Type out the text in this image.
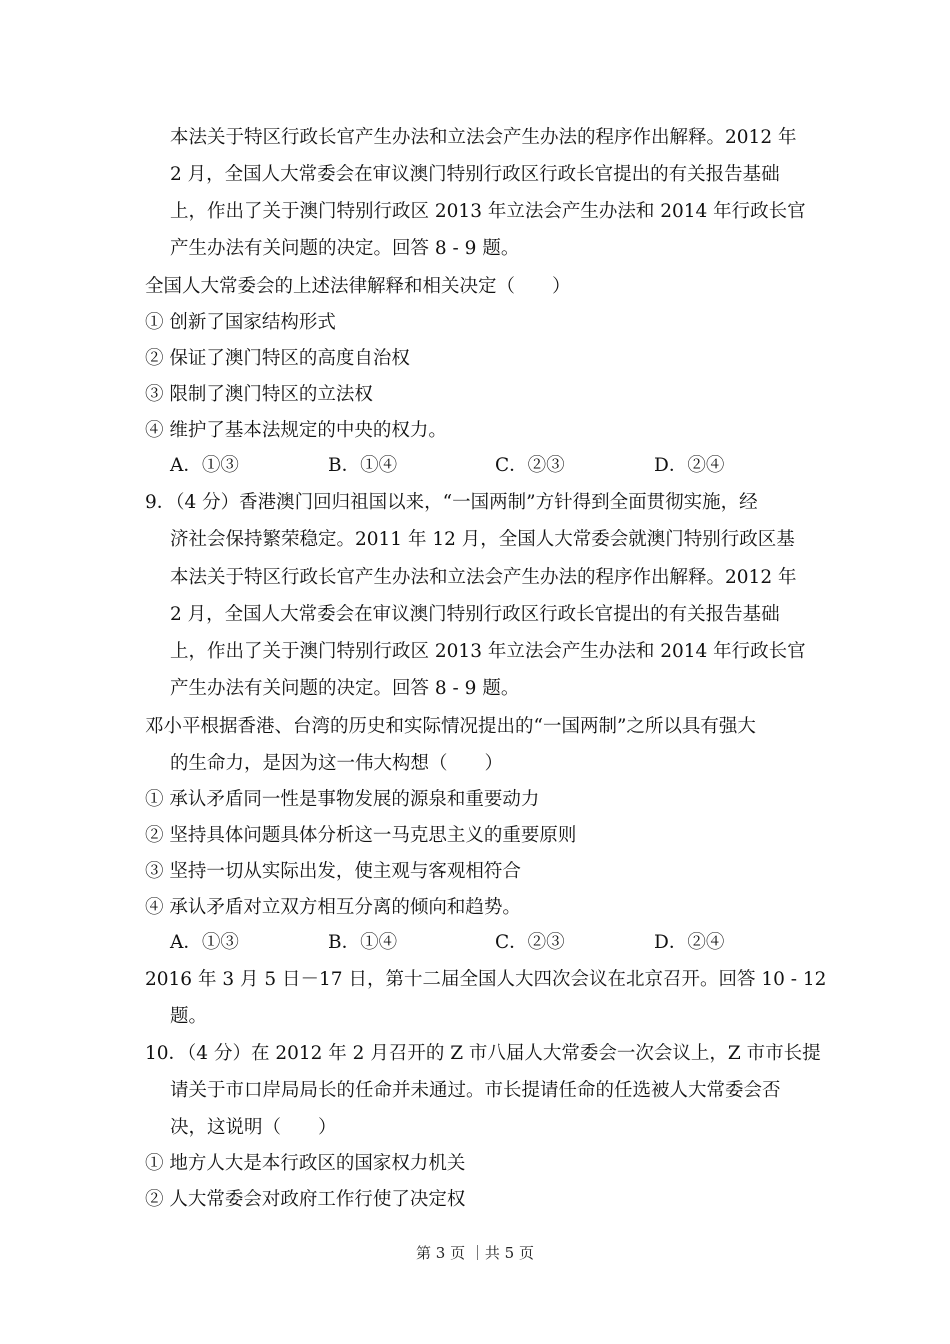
本法关于特区行政长官产生办法和立法会产生办法的程序作出解释。2012 年
2 月，全国人大常委会在审议澳门特别行政区行政长官提出的有关报告基础
上，作出了关于澳门特别行政区 2013 年立法会产生办法和 2014 年行政长官
产生办法有关问题的决定。回答 8 - 9 题。
全国人大常委会的上述法律解释和相关决定（　　）
① 创新了国家结构形式
② 保证了澳门特区的高度自治权
③ 限制了澳门特区的立法权
④ 维护了基本法规定的中央的权力。
A．①③	B．①④	C．②③	D．②④
9．（4 分）香港澳门回归祖国以来，“一国两制”方针得到全面贯彻实施，经
济社会保持繁荣稳定。2011 年 12 月，全国人大常委会就澳门特别行政区基
本法关于特区行政长官产生办法和立法会产生办法的程序作出解释。2012 年
2 月，全国人大常委会在审议澳门特别行政区行政长官提出的有关报告基础
上，作出了关于澳门特别行政区 2013 年立法会产生办法和 2014 年行政长官
产生办法有关问题的决定。回答 8 - 9 题。
邓小平根据香港、台湾的历史和实际情况提出的“一国两制”之所以具有强大
的生命力，是因为这一伟大构想（　　）
① 承认矛盾同一性是事物发展的源泉和重要动力
② 坚持具体问题具体分析这一马克思主义的重要原则
③ 坚持一切从实际出发，使主观与客观相符合
④ 承认矛盾对立双方相互分离的倾向和趋势。
A．①③	B．①④	C．②③	D．②④
2016 年 3 月 5 日－17 日，第十二届全国人大四次会议在北京召开。回答 10 - 12
题。
10．（4 分）在 2012 年 2 月召开的 Z 市八届人大常委会一次会议上，Z 市市长提
请关于市口岸局局长的任命并未通过。市长提请任命的任选被人大常委会否
决，这说明（　　）
① 地方人大是本行政区的国家权力机关
② 人大常委会对政府工作行使了决定权
第 3 页 ｜共 5 页
